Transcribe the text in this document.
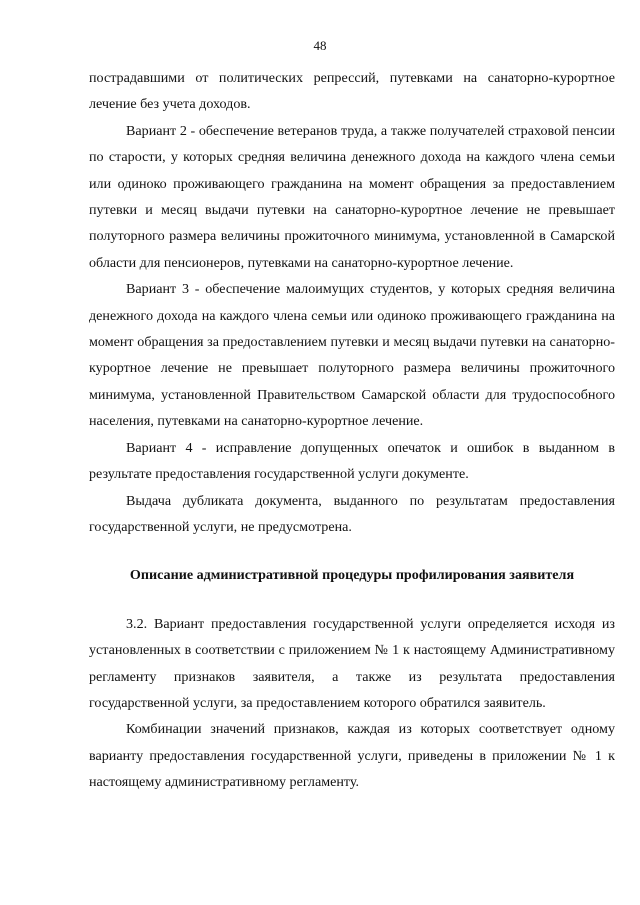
48

пострадавшими от политических репрессий, путевками на санаторно-курортное лечение без учета доходов.

Вариант 2 - обеспечение ветеранов труда, а также получателей страховой пенсии по старости, у которых средняя величина денежного дохода на каждого члена семьи или одиноко проживающего гражданина на момент обращения за предоставлением путевки и месяц выдачи путевки на санаторно-курортное лечение не превышает полуторного размера величины прожиточного минимума, установленной в Самарской области для пенсионеров, путевками на санаторно-курортное лечение.

Вариант 3 - обеспечение малоимущих студентов, у которых средняя величина денежного дохода на каждого члена семьи или одиноко проживающего гражданина на момент обращения за предоставлением путевки и месяц выдачи путевки на санаторно-курортное лечение не превышает полуторного размера величины прожиточного минимума, установленной Правительством Самарской области для трудоспособного населения, путевками на санаторно-курортное лечение.

Вариант 4 - исправление допущенных опечаток и ошибок в выданном в результате предоставления государственной услуги документе.

Выдача дубликата документа, выданного по результатам предоставления государственной услуги, не предусмотрена.

Описание административной процедуры профилирования заявителя

3.2. Вариант предоставления государственной услуги определяется исходя из установленных в соответствии с приложением № 1 к настоящему Административному регламенту признаков заявителя, а также из результата предоставления государственной услуги, за предоставлением которого обратился заявитель.

Комбинации значений признаков, каждая из которых соответствует одному варианту предоставления государственной услуги, приведены в приложении № 1 к настоящему административному регламенту.
